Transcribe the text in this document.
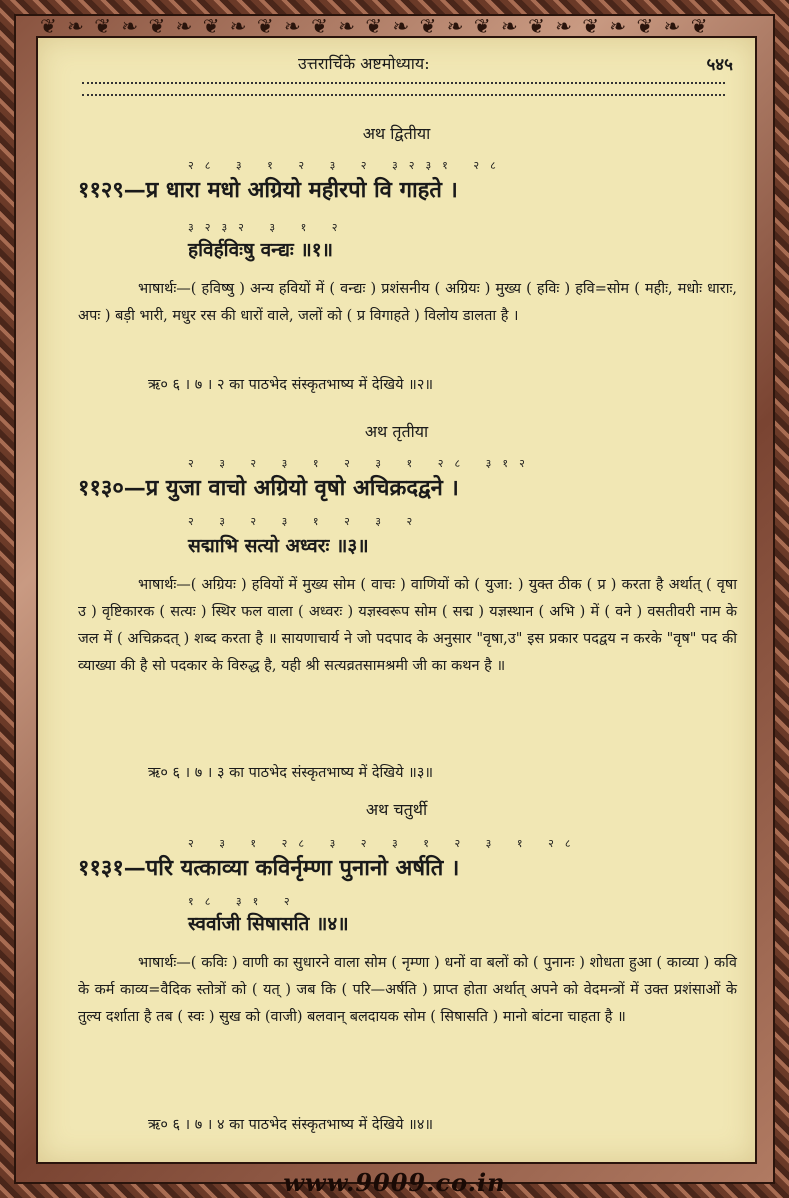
❦ ❧ ❦ ❧ ❦ ❧ ❦ ❧ ❦ ❧ ❦ ❧ ❦ ❧ ❦ ❧ ❦ ❧ ❦ ❧ ❦ ❧ ❦ ❧ ❦
उत्तरार्चिके अष्टमोध्याय:	५४५
अथ द्वितीया
२८ ३ १ २ ३ २ ३२३१ २८
११२९—प्र धारा मधो अग्रियो महीरपो वि गाहते ।
३२३२ ३ १ २
हविर्हविःषु वन्द्यः ॥१॥
भाषार्थः—( हविष्षु ) अन्य हवियों में ( वन्द्यः ) प्रशंसनीय ( अग्रियः ) मुख्य ( हविः ) हवि=सोम ( महीः, मधोः धाराः, अपः ) बड़ी भारी, मधुर रस की धारों वाले, जलों को ( प्र विगाहते ) विलोय डालता है ।
ऋ० ६ । ७ । २ का पाठभेद संस्कृतभाष्य में देखिये ॥२॥
अथ तृतीया
२ ३ २ ३ १ २ ३ १ २८ ३१२
११३०—प्र युजा वाचो अग्रियो वृषो अचिक्रदद्वने ।
२ ३ २ ३ १ २ ३ २
सद्माभि सत्यो अध्वरः ॥३॥
भाषार्थः—( अग्रियः ) हवियों में मुख्य सोम ( वाचः ) वाणियों को ( युजा: ) युक्त ठीक ( प्र ) करता है अर्थात् ( वृषा उ ) वृष्टिकारक ( सत्यः ) स्थिर फल वाला ( अध्वरः ) यज्ञस्वरूप सोम ( सद्म ) यज्ञस्थान ( अभि ) में ( वने ) वसतीवरी नाम के जल में ( अचिक्रदत् ) शब्द करता है ॥ सायणाचार्य ने जो पदपाद के अनुसार "वृषा,उ" इस प्रकार पदद्वय न करके "वृष" पद की व्याख्या की है सो पदकार के विरुद्ध है, यही श्री सत्यव्रतसामश्रमी जी का कथन है ॥
ऋ० ६ । ७ । ३ का पाठभेद संस्कृतभाष्य में देखिये ॥३॥
अथ चतुर्थी
२ ३ १ २८ ३ २ ३ १ २ ३ १ २८
११३१—परि यत्काव्या कविर्नृम्णा पुनानो अर्षति ।
१८ ३१ २
स्वर्वाजी सिषासति ॥४॥
भाषार्थः—( कविः ) वाणी का सुधारने वाला सोम ( नृम्णा ) धनों वा बलों को ( पुनानः ) शोधता हुआ ( काव्या ) कवि के कर्म काव्य=वैदिक स्तोत्रों को ( यत् ) जब कि ( परि—अर्षति ) प्राप्त होता अर्थात् अपने को वेदमन्त्रों में उक्त प्रशंसाओं के तुल्य दर्शाता है तब ( स्वः ) सुख को (वाजी) बलवान् बलदायक सोम ( सिषासति ) मानो बांटना चाहता है ॥
ऋ० ६ । ७ । ४ का पाठभेद संस्कृतभाष्य में देखिये ॥४॥
www.9009.co.in
